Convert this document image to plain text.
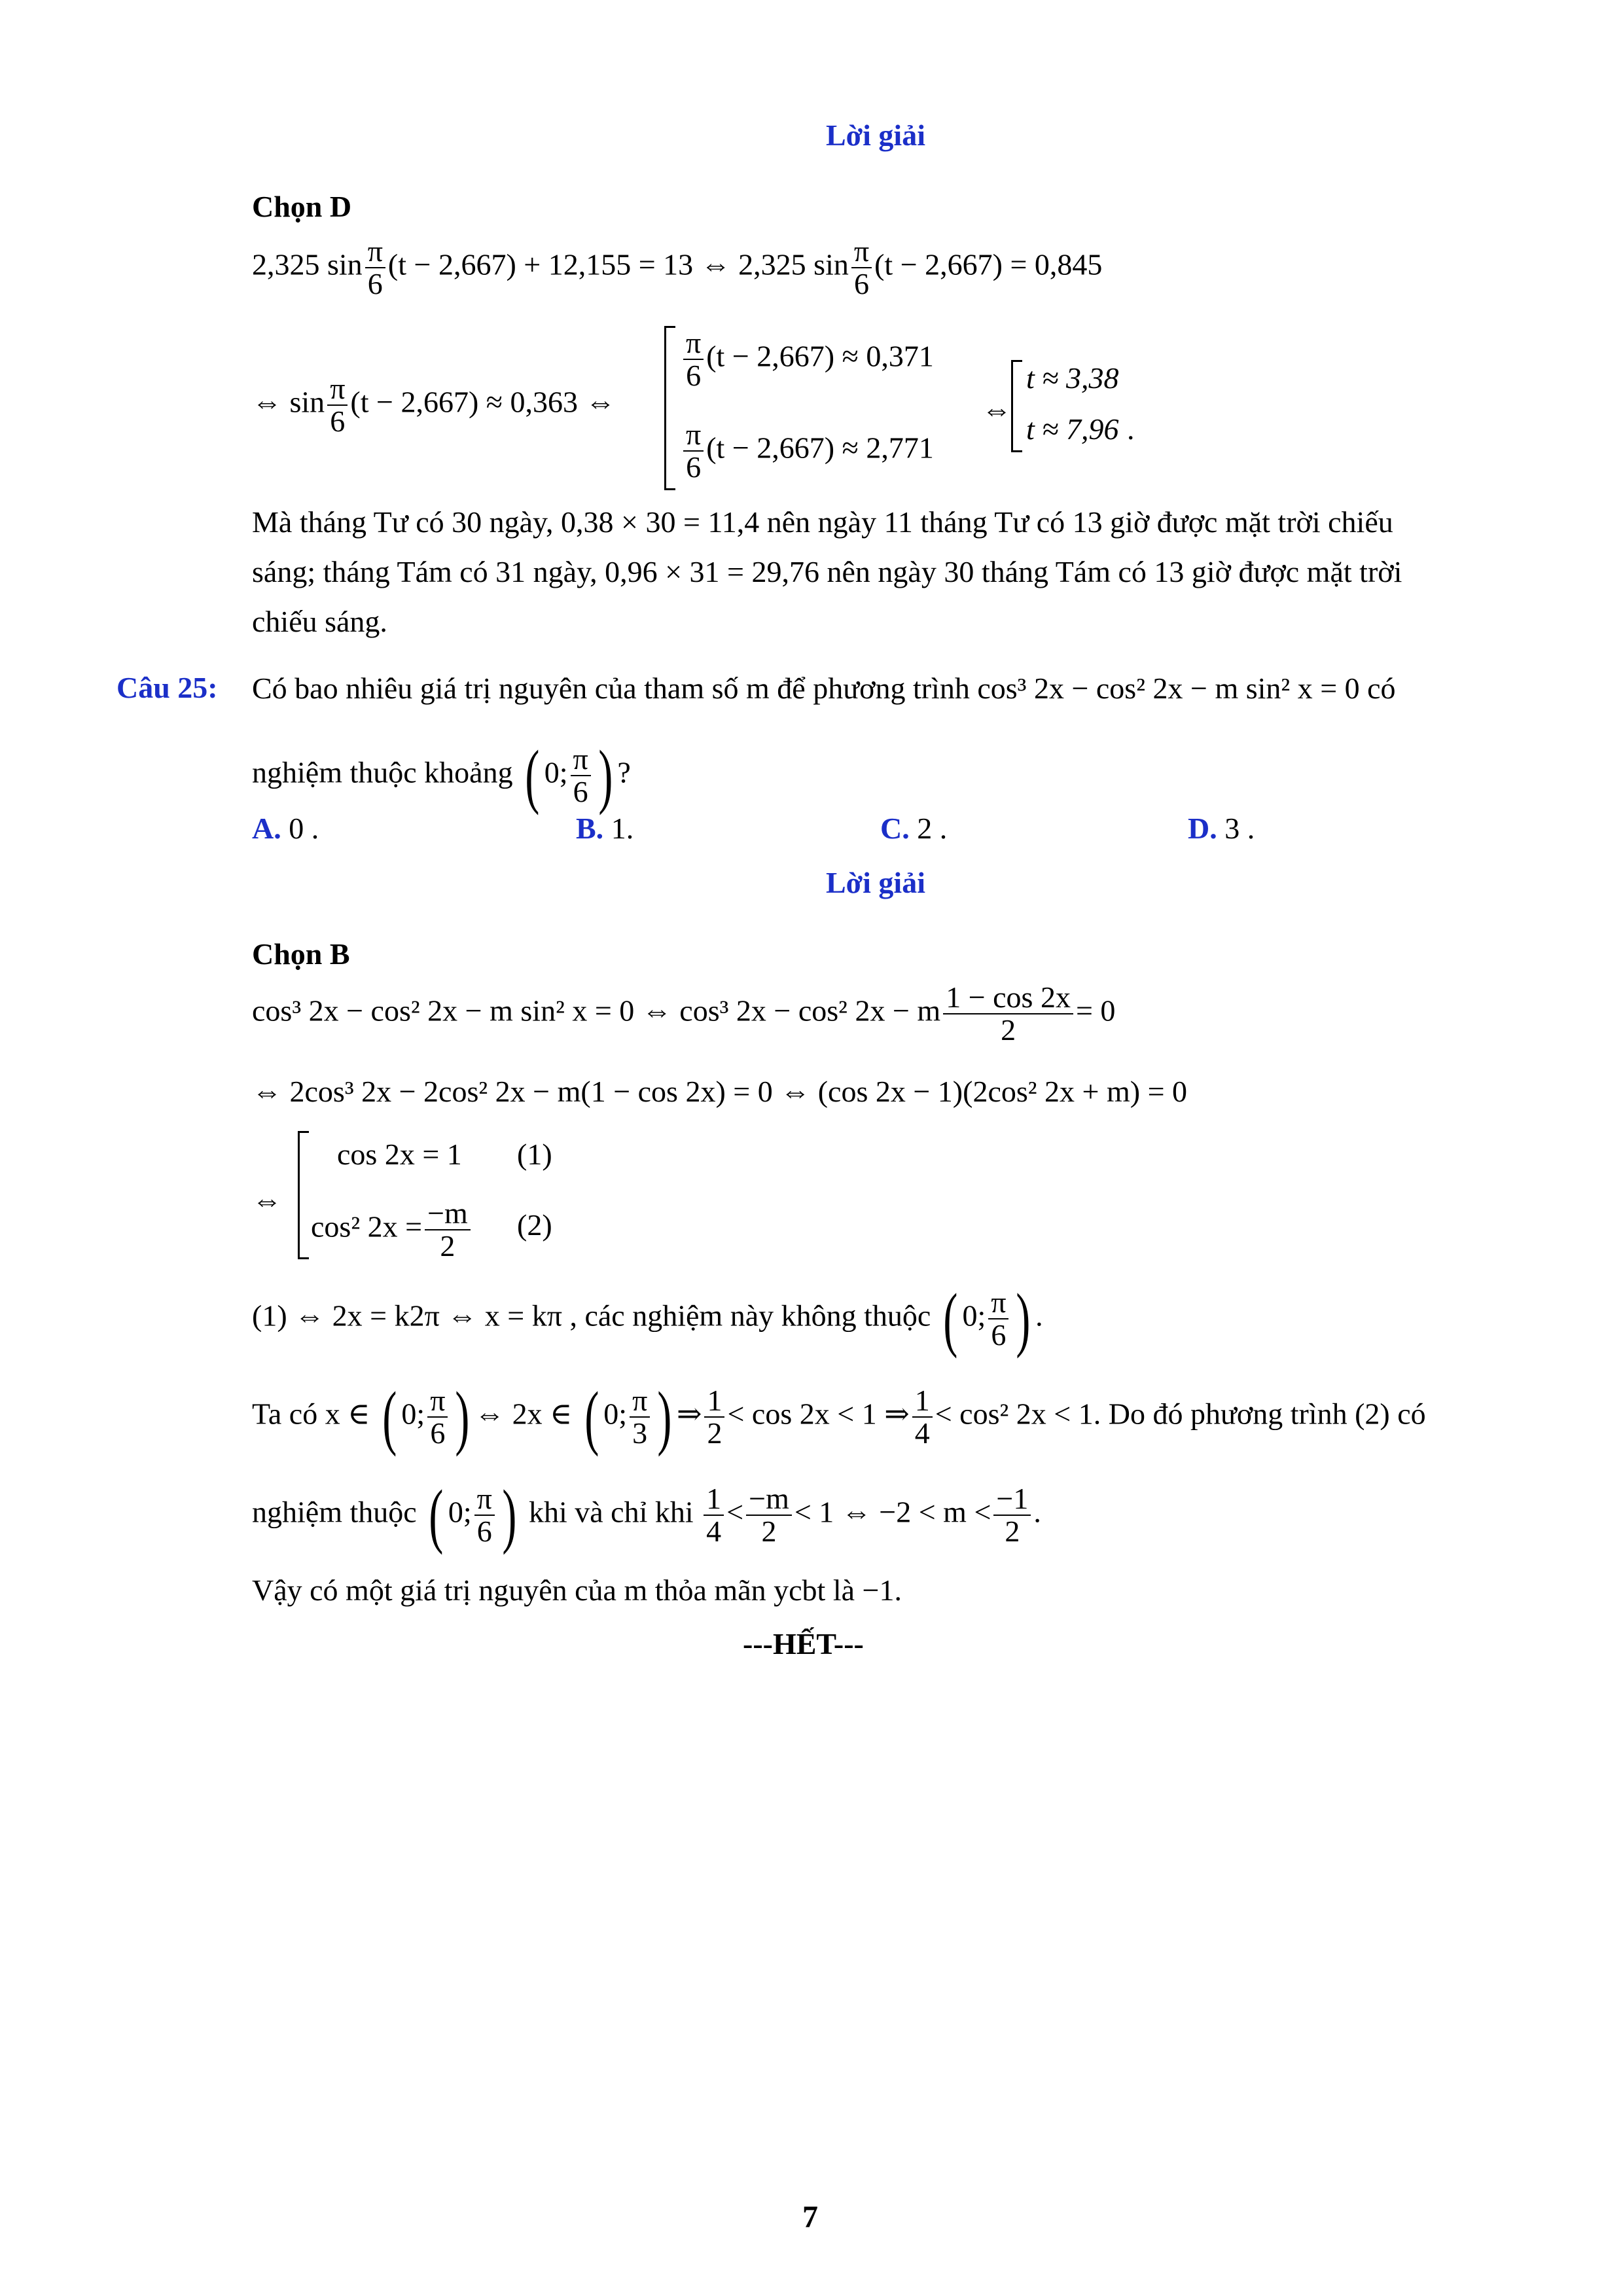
Lời giải
Chọn D
2,325 $\sin \frac{\pi}{6} (t - 2,667) + 12,155 = 13$ ⇔ 2,325 $\sin \frac{\pi}{6} (t - 2,667) = 0,845$
⇔ $\sin \frac{\pi}{6} (t - 2,667) \approx 0,363$ ⇔
$\frac{\pi}{6} (t - 2,667) \approx 0,371$
$\frac{\pi}{6} (t - 2,667) \approx 2,771$
⇔
t ≈ 3,38
t ≈ 7,96 .
Mà tháng Tư có 30 ngày, 0,38 × 30 = 11,4 nên ngày 11 tháng Tư có 13 giờ được mặt trời chiếu
sáng; tháng Tám có 31 ngày, 0,96 × 31 = 29,76 nên ngày 30 tháng Tám có 13 giờ được mặt trời
chiếu sáng.
Câu 25: Có bao nhiêu giá trị nguyên của tham số m để phương trình cos³ 2x − cos² 2x − m sin² x = 0 có
nghiệm thuộc khoảng ( 0; $\frac{\pi}{6}$ ) ?
A. 0 .	B. 1.	C. 2 .	D. 3 .
Lời giải
Chọn B
cos³ 2x − cos² 2x − m sin² x = 0 ⇔ cos³ 2x − cos² 2x − m $\frac{1 - \cos 2x}{2} = 0$
⇔ 2cos³ 2x − 2cos² 2x − m(1 − cos 2x) = 0 ⇔ (cos 2x − 1)(2cos² 2x + m) = 0
⇔
cos 2x = 1 (1)
cos² $2x = \frac{-m}{2} (2)$
(1) ⇔ 2x = k2π ⇔ x = kπ , các nghiệm này không thuộc ( 0; $\frac{\pi}{6}$ ) .
Ta có x ∈ ( 0; $\frac{\pi}{6}$ ) ⇔ 2x ∈ ( 0; $\frac{\pi}{3}$ ) ⇒ $\frac{1}{2} < \cos 2x < 1$ ⇒ $\frac{1}{4} < \cos^2$ 2x < 1. Do đó phương trình (2) có
nghiệm thuộc ( 0; $\frac{\pi}{6}$ ) khi và chỉ khi $\frac{1}{4} < \frac{-m}{2} < 1$ ⇔ $-2 < m < \frac{-1}{2}$ .
Vậy có một giá trị nguyên của m thỏa mãn ycbt là −1.
---HẾT---
7
